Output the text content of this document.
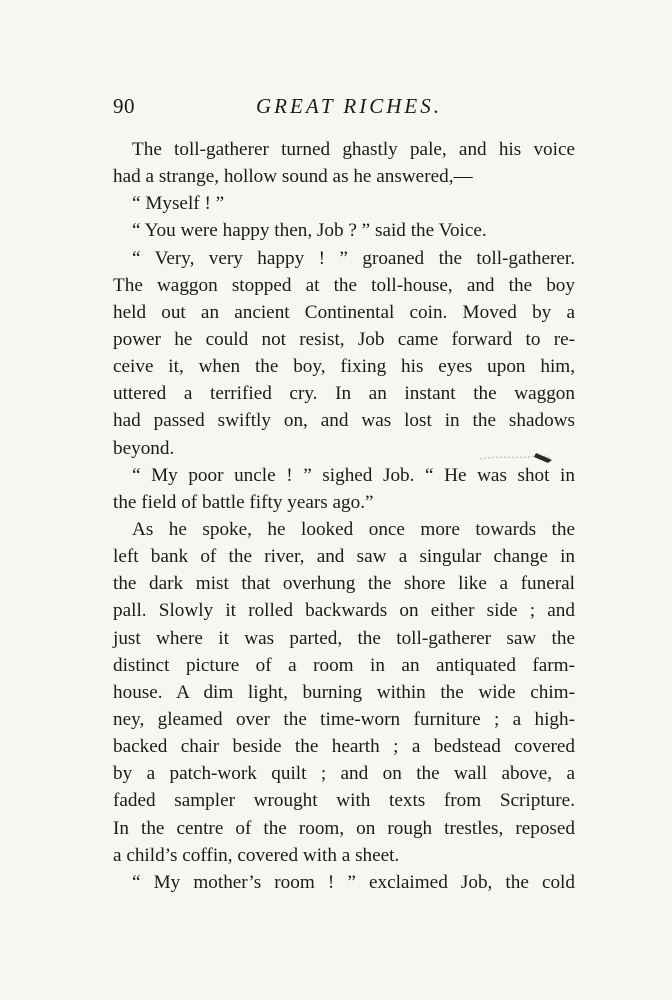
90	GREAT RICHES.
The toll-gatherer turned ghastly pale, and his voice
had a strange, hollow sound as he answered,—
“ Myself ! ”
“ You were happy then, Job ? ” said the Voice.
“ Very, very happy ! ” groaned the toll-gatherer.
The waggon stopped at the toll-house, and the boy
held out an ancient Continental coin. Moved by a
power he could not resist, Job came forward to re-
ceive it, when the boy, fixing his eyes upon him,
uttered a terrified cry. In an instant the waggon
had passed swiftly on, and was lost in the shadows
beyond.
“ My poor uncle ! ” sighed Job. “ He was shot in
the field of battle fifty years ago.”
As he spoke, he looked once more towards the
left bank of the river, and saw a singular change in
the dark mist that overhung the shore like a funeral
pall. Slowly it rolled backwards on either side ; and
just where it was parted, the toll-gatherer saw the
distinct picture of a room in an antiquated farm-
house. A dim light, burning within the wide chim-
ney, gleamed over the time-worn furniture ; a high-
backed chair beside the hearth ; a bedstead covered
by a patch-work quilt ; and on the wall above, a
faded sampler wrought with texts from Scripture.
In the centre of the room, on rough trestles, reposed
a child’s coffin, covered with a sheet.
“ My mother’s room ! ” exclaimed Job, the cold
